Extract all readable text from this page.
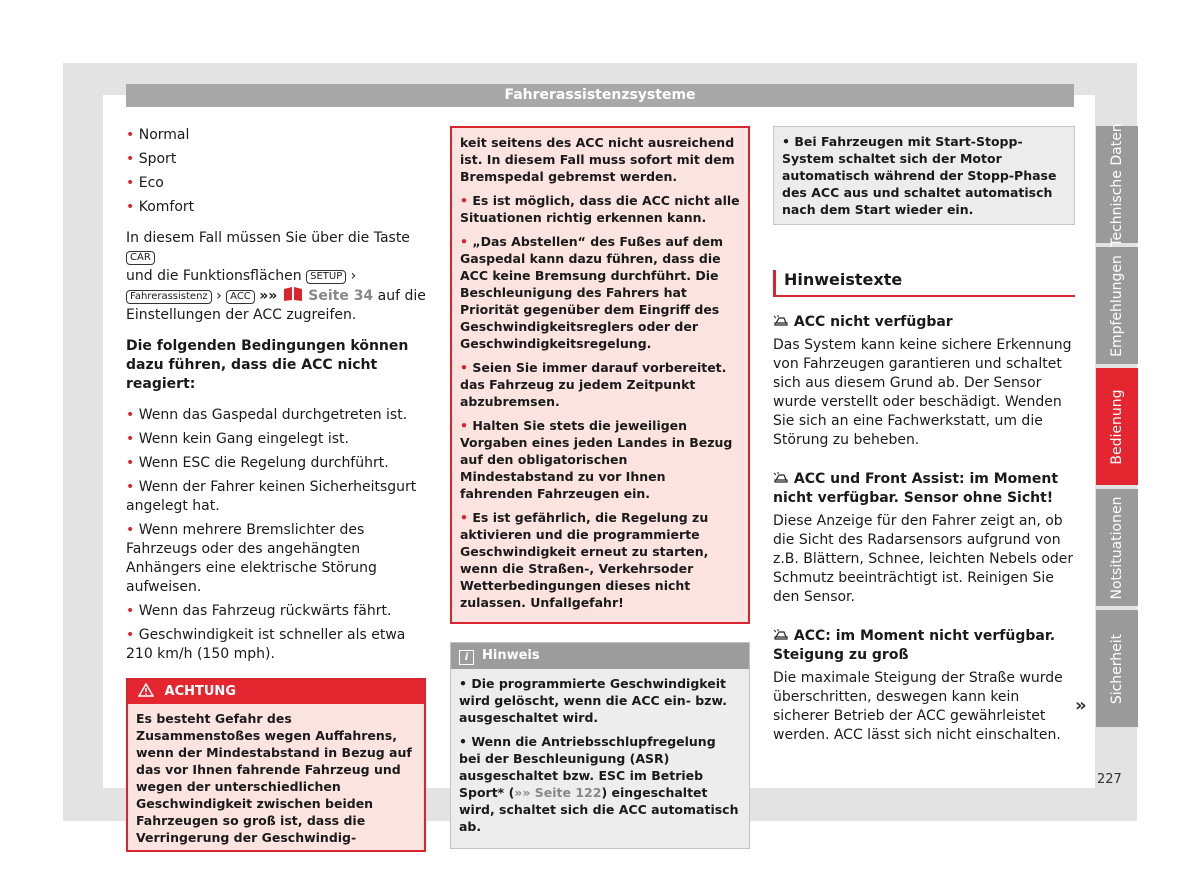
Fahrerassistenzsysteme
• Normal
• Sport
• Eco
• Komfort

In diesem Fall müssen Sie über die Taste CAR
und die Funktionsflächen SETUP ›
Fahrerassistenz › ACC »» Seite 34 auf die Einstellungen der ACC zugreifen.

Die folgenden Bedingungen können dazu führen, dass die ACC nicht reagiert:

• Wenn das Gaspedal durchgetreten ist.
• Wenn kein Gang eingelegt ist.
• Wenn ESC die Regelung durchführt.
• Wenn der Fahrer keinen Sicherheitsgurt angelegt hat.
• Wenn mehrere Bremslichter des Fahrzeugs oder des angehängten Anhängers eine elektrische Störung aufweisen.
• Wenn das Fahrzeug rückwärts fährt.
• Geschwindigkeit ist schneller als etwa 210 km/h (150 mph).
ACHTUNG
Es besteht Gefahr des Zusammenstoßes wegen Auffahrens, wenn der Mindestabstand in Bezug auf das vor Ihnen fahrende Fahrzeug und wegen der unterschiedlichen Geschwindigkeit zwischen beiden Fahrzeugen so groß ist, dass die Verringerung der Geschwindig-
keit seitens des ACC nicht ausreichend ist. In diesem Fall muss sofort mit dem Bremspedal gebremst werden.
• Es ist möglich, dass die ACC nicht alle Situationen richtig erkennen kann.
• „Das Abstellen“ des Fußes auf dem Gaspedal kann dazu führen, dass die ACC keine Bremsung durchführt. Die Beschleunigung des Fahrers hat Priorität gegenüber dem Eingriff des Geschwindigkeitsreglers oder der Geschwindigkeitsregelung.
• Seien Sie immer darauf vorbereitet. das Fahrzeug zu jedem Zeitpunkt abzubremsen.
• Halten Sie stets die jeweiligen Vorgaben eines jeden Landes in Bezug auf den obligatorischen Mindestabstand zu vor Ihnen fahrenden Fahrzeugen ein.
• Es ist gefährlich, die Regelung zu aktivieren und die programmierte Geschwindigkeit erneut zu starten, wenn die Straßen-, Verkehrsoder Wetterbedingungen dieses nicht zulassen. Unfallgefahr!
i Hinweis
• Die programmierte Geschwindigkeit wird gelöscht, wenn die ACC ein- bzw. ausgeschaltet wird.
• Wenn die Antriebsschlupfregelung bei der Beschleunigung (ASR) ausgeschaltet bzw. ESC im Betrieb Sport* (»» Seite 122) eingeschaltet wird, schaltet sich die ACC automatisch ab.
• Bei Fahrzeugen mit Start-Stopp-System schaltet sich der Motor automatisch während der Stopp-Phase des ACC aus und schaltet automatisch nach dem Start wieder ein.
Hinweistexte
ACC nicht verfügbar
Das System kann keine sichere Erkennung von Fahrzeugen garantieren und schaltet sich aus diesem Grund ab. Der Sensor wurde verstellt oder beschädigt. Wenden Sie sich an eine Fachwerkstatt, um die Störung zu beheben.
ACC und Front Assist: im Moment nicht verfügbar. Sensor ohne Sicht!
Diese Anzeige für den Fahrer zeigt an, ob die Sicht des Radarsensors aufgrund von z.B. Blättern, Schnee, leichten Nebels oder Schmutz beeinträchtigt ist. Reinigen Sie den Sensor.
ACC: im Moment nicht verfügbar. Steigung zu groß
Die maximale Steigung der Straße wurde überschritten, deswegen kann kein sicherer Betrieb der ACC gewährleistet werden. ACC lässt sich nicht einschalten.
»
Technische Daten
Empfehlungen
Bedienung
Notsituationen
Sicherheit
227
